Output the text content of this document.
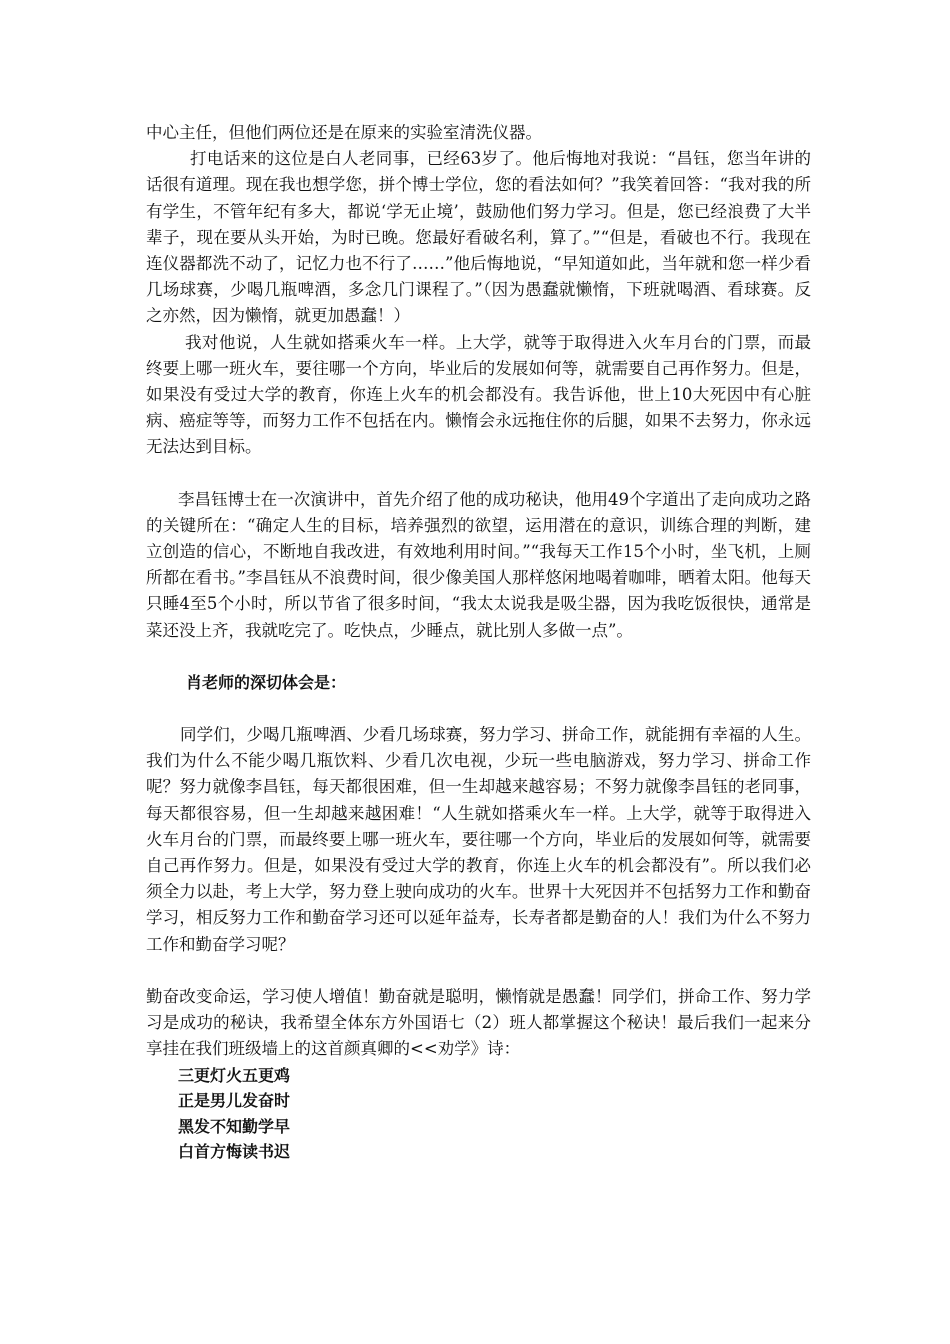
中心主任，但他们两位还是在原来的实验室清洗仪器。

打电话来的这位是白人老同事，已经63岁了。他后悔地对我说：“昌钰，您当年讲的话很有道理。现在我也想学您，拼个博士学位，您的看法如何？”我笑着回答：“我对我的所有学生，不管年纪有多大，都说‘学无止境’，鼓励他们努力学习。但是，您已经浪费了大半辈子，现在要从头开始，为时已晚。您最好看破名利，算了。”“但是，看破也不行。我现在连仪器都洗不动了，记忆力也不行了……”他后悔地说，“早知道如此，当年就和您一样少看几场球赛，少喝几瓶啤酒，多念几门课程了。”（因为愚蠢就懒惰，下班就喝酒、看球赛。反之亦然，因为懒惰，就更加愚蠢！）

我对他说，人生就如搭乘火车一样。上大学，就等于取得进入火车月台的门票，而最终要上哪一班火车，要往哪一个方向，毕业后的发展如何等，就需要自己再作努力。但是，如果没有受过大学的教育，你连上火车的机会都没有。我告诉他，世上10大死因中有心脏病、癌症等等，而努力工作不包括在内。懒惰会永远拖住你的后腿，如果不去努力，你永远无法达到目标。

李昌钰博士在一次演讲中，首先介绍了他的成功秘诀，他用49个字道出了走向成功之路的关键所在：“确定人生的目标，培养强烈的欲望，运用潜在的意识，训练合理的判断，建立创造的信心，不断地自我改进，有效地利用时间。”“我每天工作15个小时，坐飞机，上厕所都在看书。”李昌钰从不浪费时间，很少像美国人那样悠闲地喝着咖啡，晒着太阳。他每天只睡4至5个小时，所以节省了很多时间，“我太太说我是吸尘器，因为我吃饭很快，通常是菜还没上齐，我就吃完了。吃快点，少睡点，就比别人多做一点”。

肖老师的深切体会是：

同学们，少喝几瓶啤酒、少看几场球赛，努力学习、拼命工作，就能拥有幸福的人生。我们为什么不能少喝几瓶饮料、少看几次电视，少玩一些电脑游戏，努力学习、拼命工作呢？努力就像李昌钰，每天都很困难，但一生却越来越容易；不努力就像李昌钰的老同事，每天都很容易，但一生却越来越困难！“人生就如搭乘火车一样。上大学，就等于取得进入火车月台的门票，而最终要上哪一班火车，要往哪一个方向，毕业后的发展如何等，就需要自己再作努力。但是，如果没有受过大学的教育，你连上火车的机会都没有”。所以我们必须全力以赴，考上大学，努力登上驶向成功的火车。世界十大死因并不包括努力工作和勤奋学习，相反努力工作和勤奋学习还可以延年益寿，长寿者都是勤奋的人！我们为什么不努力工作和勤奋学习呢？

勤奋改变命运，学习使人增值！勤奋就是聪明，懒惰就是愚蠢！同学们，拼命工作、努力学习是成功的秘诀，我希望全体东方外国语七（2）班人都掌握这个秘诀！最后我们一起来分享挂在我们班级墙上的这首颜真卿的<<劝学》诗：

三更灯火五更鸡
正是男儿发奋时
黑发不知勤学早
白首方悔读书迟
